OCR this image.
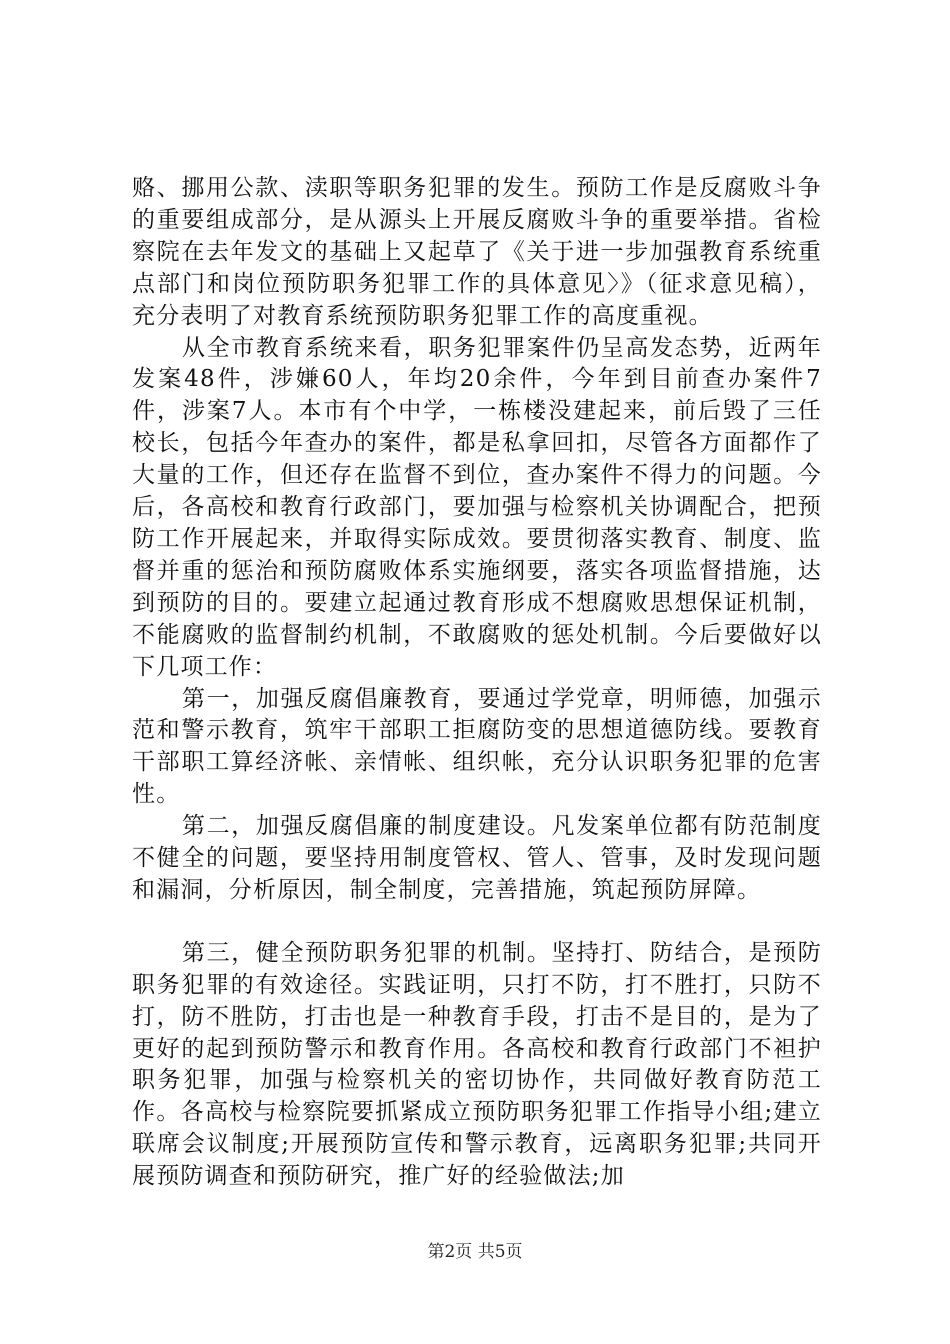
赂、挪用公款、渎职等职务犯罪的发生。预防工作是反腐败斗争的重要组成部分，是从源头上开展反腐败斗争的重要举措。省检察院在去年发文的基础上又起草了《关于进一步加强教育系统重点部门和岗位预防职务犯罪工作的具体意见〉》（征求意见稿），充分表明了对教育系统预防职务犯罪工作的高度重视。

从全市教育系统来看，职务犯罪案件仍呈高发态势，近两年发案48件，涉嫌60人，年均20余件，今年到目前查办案件7件，涉案7人。本市有个中学，一栋楼没建起来，前后毁了三任校长，包括今年查办的案件，都是私拿回扣，尽管各方面都作了大量的工作，但还存在监督不到位，查办案件不得力的问题。今后，各高校和教育行政部门，要加强与检察机关协调配合，把预防工作开展起来，并取得实际成效。要贯彻落实教育、制度、监督并重的惩治和预防腐败体系实施纲要，落实各项监督措施，达到预防的目的。要建立起通过教育形成不想腐败思想保证机制，不能腐败的监督制约机制，不敢腐败的惩处机制。今后要做好以下几项工作：

第一，加强反腐倡廉教育，要通过学党章，明师德，加强示范和警示教育，筑牢干部职工拒腐防变的思想道德防线。要教育干部职工算经济帐、亲情帐、组织帐，充分认识职务犯罪的危害性。

第二，加强反腐倡廉的制度建设。凡发案单位都有防范制度不健全的问题，要坚持用制度管权、管人、管事，及时发现问题和漏洞，分析原因，制全制度，完善措施，筑起预防屏障。

第三，健全预防职务犯罪的机制。坚持打、防结合，是预防职务犯罪的有效途径。实践证明，只打不防，打不胜打，只防不打，防不胜防，打击也是一种教育手段，打击不是目的，是为了更好的起到预防警示和教育作用。各高校和教育行政部门不袒护职务犯罪，加强与检察机关的密切协作，共同做好教育防范工作。各高校与检察院要抓紧成立预防职务犯罪工作指导小组;建立联席会议制度;开展预防宣传和警示教育，远离职务犯罪;共同开展预防调查和预防研究，推广好的经验做法;加

第2页 共5页
